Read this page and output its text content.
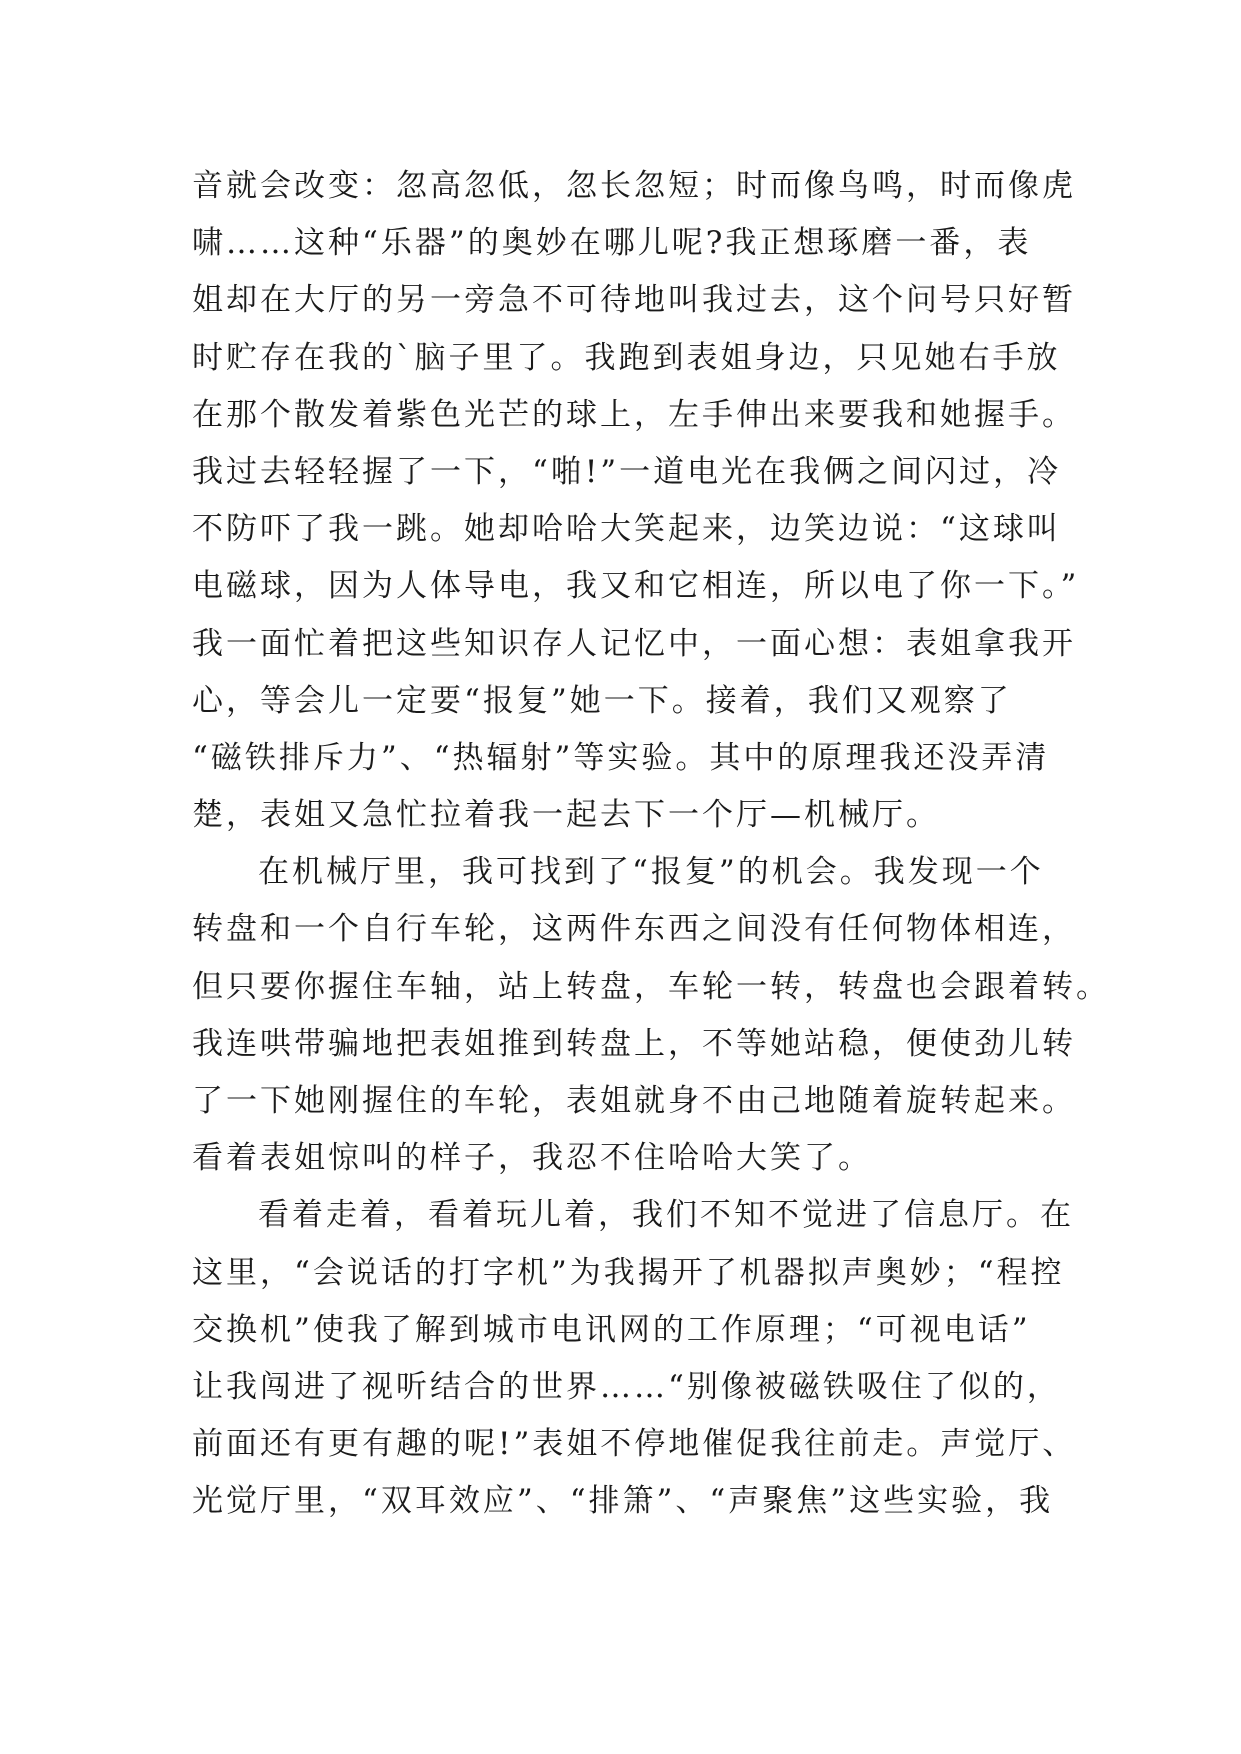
音就会改变：忽高忽低，忽长忽短；时而像鸟鸣，时而像虎
啸……这种“乐器”的奥妙在哪儿呢?我正想琢磨一番，表
姐却在大厅的另一旁急不可待地叫我过去，这个问号只好暂
时贮存在我的`脑子里了。我跑到表姐身边，只见她右手放
在那个散发着紫色光芒的球上，左手伸出来要我和她握手。
我过去轻轻握了一下，“啪!”一道电光在我俩之间闪过，冷
不防吓了我一跳。她却哈哈大笑起来，边笑边说：“这球叫
电磁球，因为人体导电，我又和它相连，所以电了你一下。”
我一面忙着把这些知识存人记忆中，一面心想：表姐拿我开
心，等会儿一定要“报复”她一下。接着，我们又观察了
“磁铁排斥力”、“热辐射”等实验。其中的原理我还没弄清
楚，表姐又急忙拉着我一起去下一个厅—机械厅。
在机械厅里，我可找到了“报复”的机会。我发现一个
转盘和一个自行车轮，这两件东西之间没有任何物体相连，
但只要你握住车轴，站上转盘，车轮一转，转盘也会跟着转。
我连哄带骗地把表姐推到转盘上，不等她站稳，便使劲儿转
了一下她刚握住的车轮，表姐就身不由己地随着旋转起来。
看着表姐惊叫的样子，我忍不住哈哈大笑了。
看着走着，看着玩儿着，我们不知不觉进了信息厅。在
这里，“会说话的打字机”为我揭开了机器拟声奥妙；“程控
交换机”使我了解到城市电讯网的工作原理；“可视电话”
让我闯进了视听结合的世界……“别像被磁铁吸住了似的，
前面还有更有趣的呢!”表姐不停地催促我往前走。声觉厅、
光觉厅里，“双耳效应”、“排箫”、“声聚焦”这些实验，我
